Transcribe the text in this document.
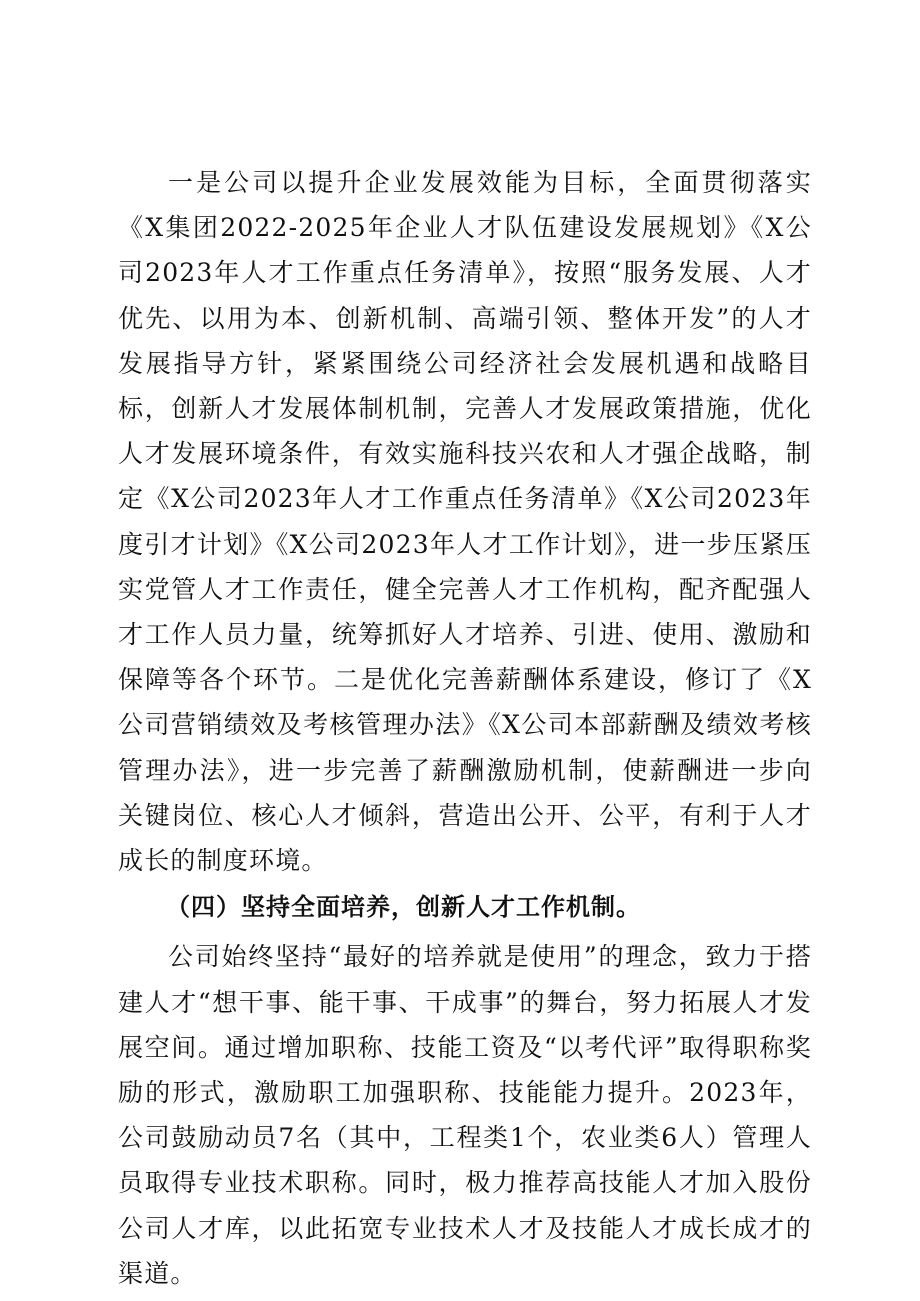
一是公司以提升企业发展效能为目标，全面贯彻落实《X集团2022-2025年企业人才队伍建设发展规划》《X公司2023年人才工作重点任务清单》，按照“服务发展、人才优先、以用为本、创新机制、高端引领、整体开发”的人才发展指导方针，紧紧围绕公司经济社会发展机遇和战略目标，创新人才发展体制机制，完善人才发展政策措施，优化人才发展环境条件，有效实施科技兴农和人才强企战略，制定《X公司2023年人才工作重点任务清单》《X公司2023年度引才计划》《X公司2023年人才工作计划》，进一步压紧压实党管人才工作责任，健全完善人才工作机构，配齐配强人才工作人员力量，统筹抓好人才培养、引进、使用、激励和保障等各个环节。二是优化完善薪酬体系建设，修订了《X公司营销绩效及考核管理办法》《X公司本部薪酬及绩效考核管理办法》，进一步完善了薪酬激励机制，使薪酬进一步向关键岗位、核心人才倾斜，营造出公开、公平，有利于人才成长的制度环境。

（四）坚持全面培养，创新人才工作机制。

公司始终坚持“最好的培养就是使用”的理念，致力于搭建人才“想干事、能干事、干成事”的舞台，努力拓展人才发展空间。通过增加职称、技能工资及“以考代评”取得职称奖励的形式，激励职工加强职称、技能能力提升。2023年，公司鼓励动员7名（其中，工程类1个，农业类6人）管理人员取得专业技术职称。同时，极力推荐高技能人才加入股份公司人才库，以此拓宽专业技术人才及技能人才成长成才的渠道。
